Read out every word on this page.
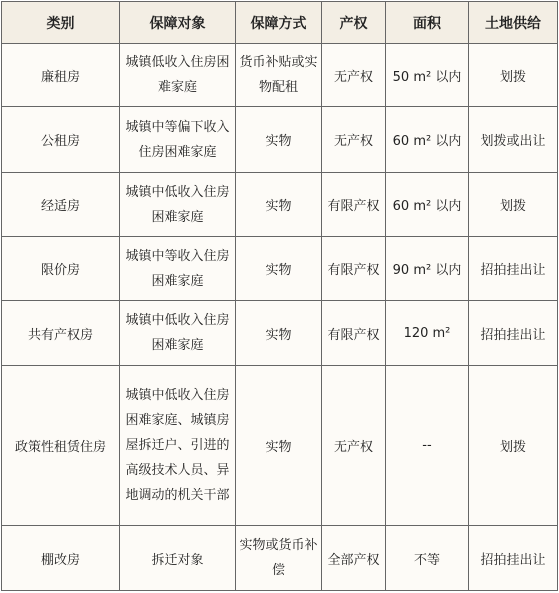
类别	保障对象	保障方式	产权	面积	土地供给
廉租房	城镇低收入住房困难家庭	货币补贴或实物配租	无产权	50 m² 以内	划拨
公租房	城镇中等偏下收入住房困难家庭	实物	无产权	60 m² 以内	划拨或出让
经适房	城镇中低收入住房困难家庭	实物	有限产权	60 m² 以内	划拨
限价房	城镇中等收入住房困难家庭	实物	有限产权	90 m² 以内	招拍挂出让
共有产权房	城镇中低收入住房困难家庭	实物	有限产权	120 m²	招拍挂出让
政策性租赁住房	城镇中低收入住房困难家庭、城镇房屋拆迁户、引进的高级技术人员、异地调动的机关干部	实物	无产权	--	划拨
棚改房	拆迁对象	实物或货币补偿	全部产权	不等	招拍挂出让
